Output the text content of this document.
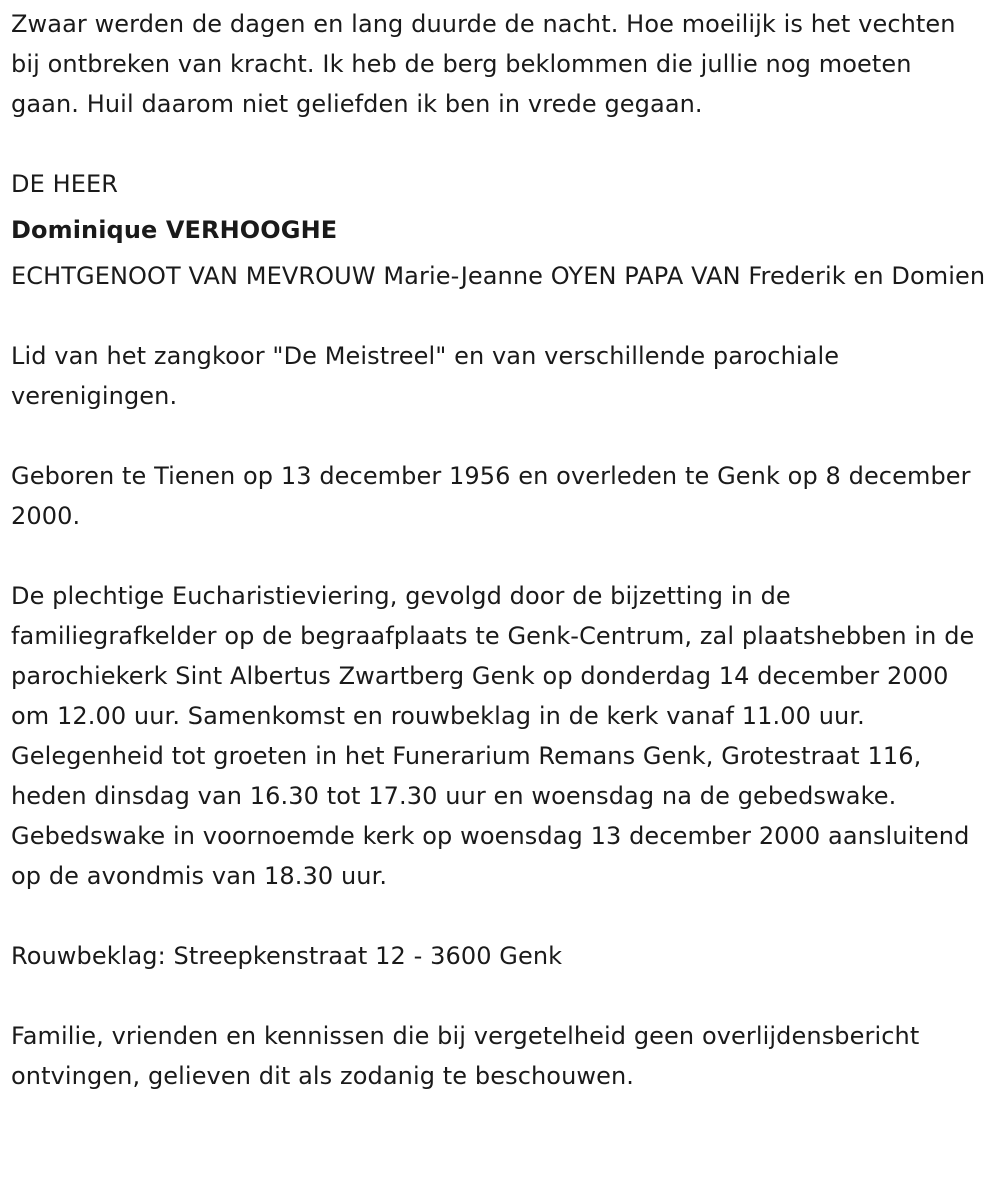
Zwaar werden de dagen en lang duurde de nacht. Hoe moeilijk is het vechten bij ontbreken van kracht. Ik heb de berg beklommen die jullie nog moeten gaan. Huil daarom niet geliefden ik ben in vrede gegaan.

DE HEER

Dominique VERHOOGHE

ECHTGENOOT VAN MEVROUW Marie-Jeanne OYEN PAPA VAN Frederik en Domien

Lid van het zangkoor "De Meistreel" en van verschillende parochiale verenigingen.

Geboren te Tienen op 13 december 1956 en overleden te Genk op 8 december 2000.

De plechtige Eucharistieviering, gevolgd door de bijzetting in de familiegrafkelder op de begraafplaats te Genk-Centrum, zal plaatshebben in de parochiekerk Sint Albertus Zwartberg Genk op donderdag 14 december 2000 om 12.00 uur. Samenkomst en rouwbeklag in de kerk vanaf 11.00 uur. Gelegenheid tot groeten in het Funerarium Remans Genk, Grotestraat 116, heden dinsdag van 16.30 tot 17.30 uur en woensdag na de gebedswake. Gebedswake in voornoemde kerk op woensdag 13 december 2000 aansluitend op de avondmis van 18.30 uur.

Rouwbeklag: Streepkenstraat 12 - 3600 Genk

Familie, vrienden en kennissen die bij vergetelheid geen overlijdensbericht ontvingen, gelieven dit als zodanig te beschouwen.
